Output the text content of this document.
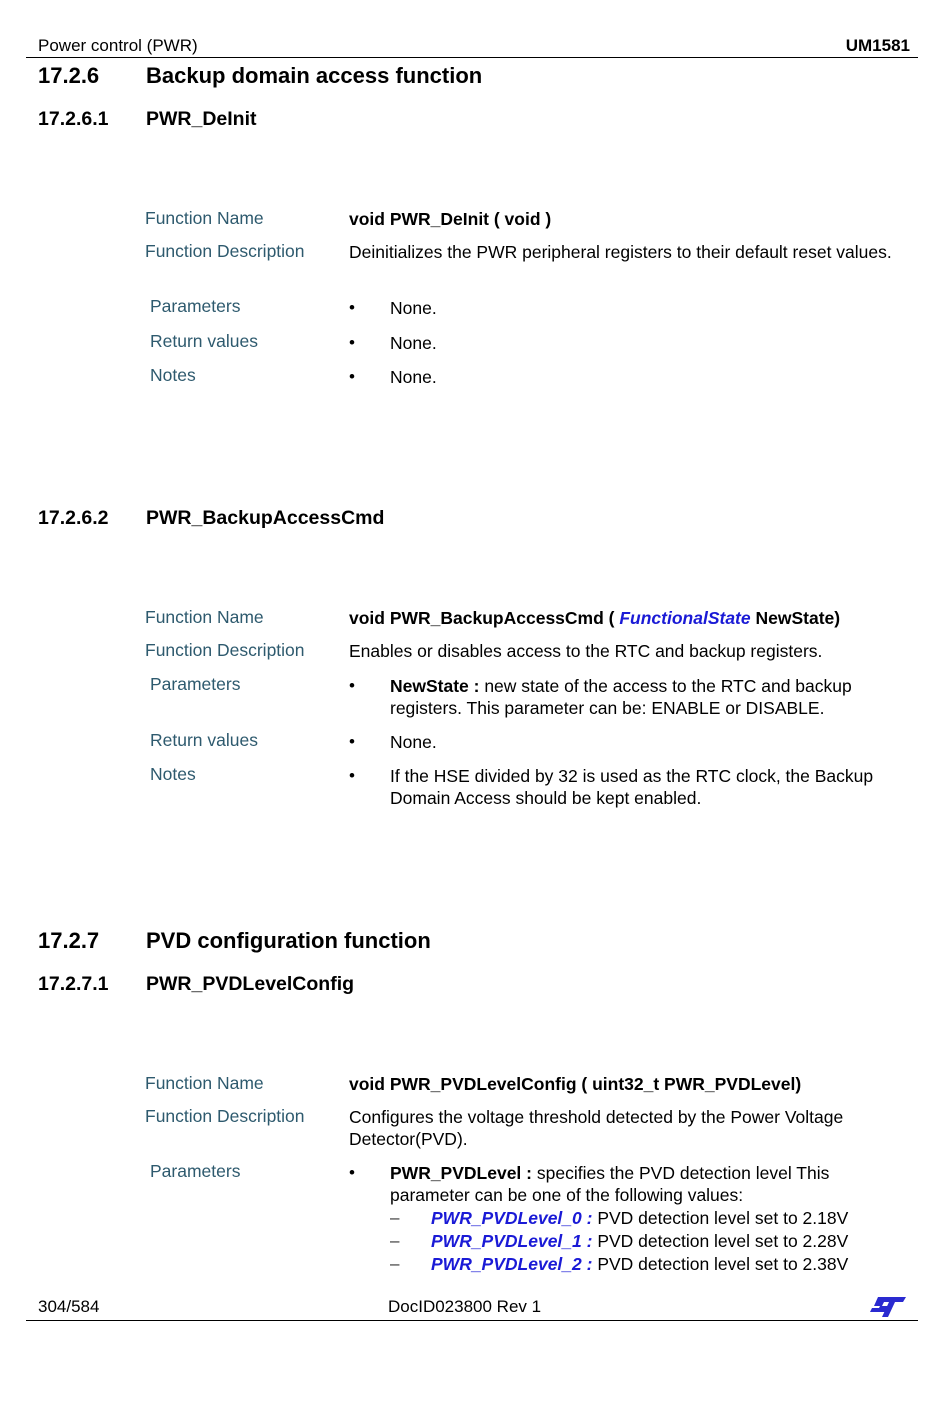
Power control (PWR)	UM1581
17.2.6 Backup domain access function
17.2.6.1 PWR_DeInit
Function Name	void PWR_DeInit ( void )
Function Description	Deinitializes the PWR peripheral registers to their default reset values.
Parameters	• None.
Return values	• None.
Notes	• None.
17.2.6.2 PWR_BackupAccessCmd
Function Name	void PWR_BackupAccessCmd ( FunctionalState NewState)
Function Description	Enables or disables access to the RTC and backup registers.
Parameters	• NewState : new state of the access to the RTC and backup registers. This parameter can be: ENABLE or DISABLE.
Return values	• None.
Notes	• If the HSE divided by 32 is used as the RTC clock, the Backup Domain Access should be kept enabled.
17.2.7 PVD configuration function
17.2.7.1 PWR_PVDLevelConfig
Function Name	void PWR_PVDLevelConfig ( uint32_t PWR_PVDLevel)
Function Description	Configures the voltage threshold detected by the Power Voltage Detector(PVD).
Parameters	• PWR_PVDLevel : specifies the PVD detection level This parameter can be one of the following values:
– PWR_PVDLevel_0 : PVD detection level set to 2.18V
– PWR_PVDLevel_1 : PVD detection level set to 2.28V
– PWR_PVDLevel_2 : PVD detection level set to 2.38V
304/584	DocID023800 Rev 1
